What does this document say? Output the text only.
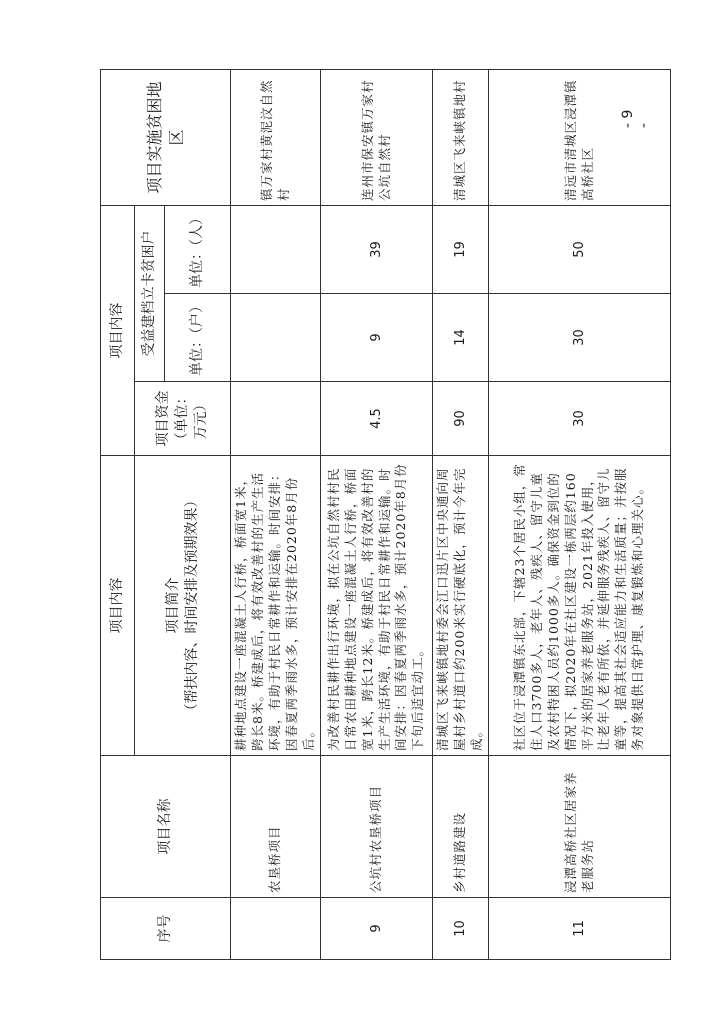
- 9 -
序号	项目名称	项目内容	项目内容			项目实施贫困地区

		项目简介 （帮扶内容、时间安排及预期效果）	项目资金（单位：万元）	受益建档立卡贫困户		
				单位：（户）	单位：（人）	
	农垦桥项目	耕种地点建设一座混凝土人行桥，桥面宽1米，跨长8米。桥建成后，将有效改善村的生产生活环境，有助于村民日常耕作和运输。时间安排：因春夏两季雨水多，预计安排在2020年8月份后。				镇万家村黄泥汶自然村
9	公坑村农垦桥项目	为改善村民耕作出行环境，拟在公坑自然村村民日常农田耕种地点建设一座混凝土人行桥，桥面宽1米，跨长12米。桥建成后，将有效改善村的生产生活环境，有助于村民日常耕作和运输。时间安排：因春夏两季雨水多，预计2020年8月份下旬后适宜动工。	4.5	9	39	连州市保安镇万家村公坑自然村
10	乡村道路建设	清城区飞来峡镇地村委会江口迅片区中央通向周屋村乡村道口约200米实行硬底化，预计今年完成。	90	14	19	清城区飞来峡镇地村
11	浸潭高桥社区居家养老服务站	社区位于浸潭镇东北部，下辖23个居民小组，常住人口3700多人，老年人、残疾人、留守儿童及农村特困人员约1000多人。确保资金到位的情况下，拟2020年在社区建设一栋两层约160平方米的居家养老服务站，2021年投入使用，让老年人老有所依，并延伸服务残疾人、留守儿童等，提高其社会适应能力和生活质量；并按服务对象提供日常护理、康复锻炼和心理关心。	30	30	50	清远市清城区浸潭镇高桥社区
